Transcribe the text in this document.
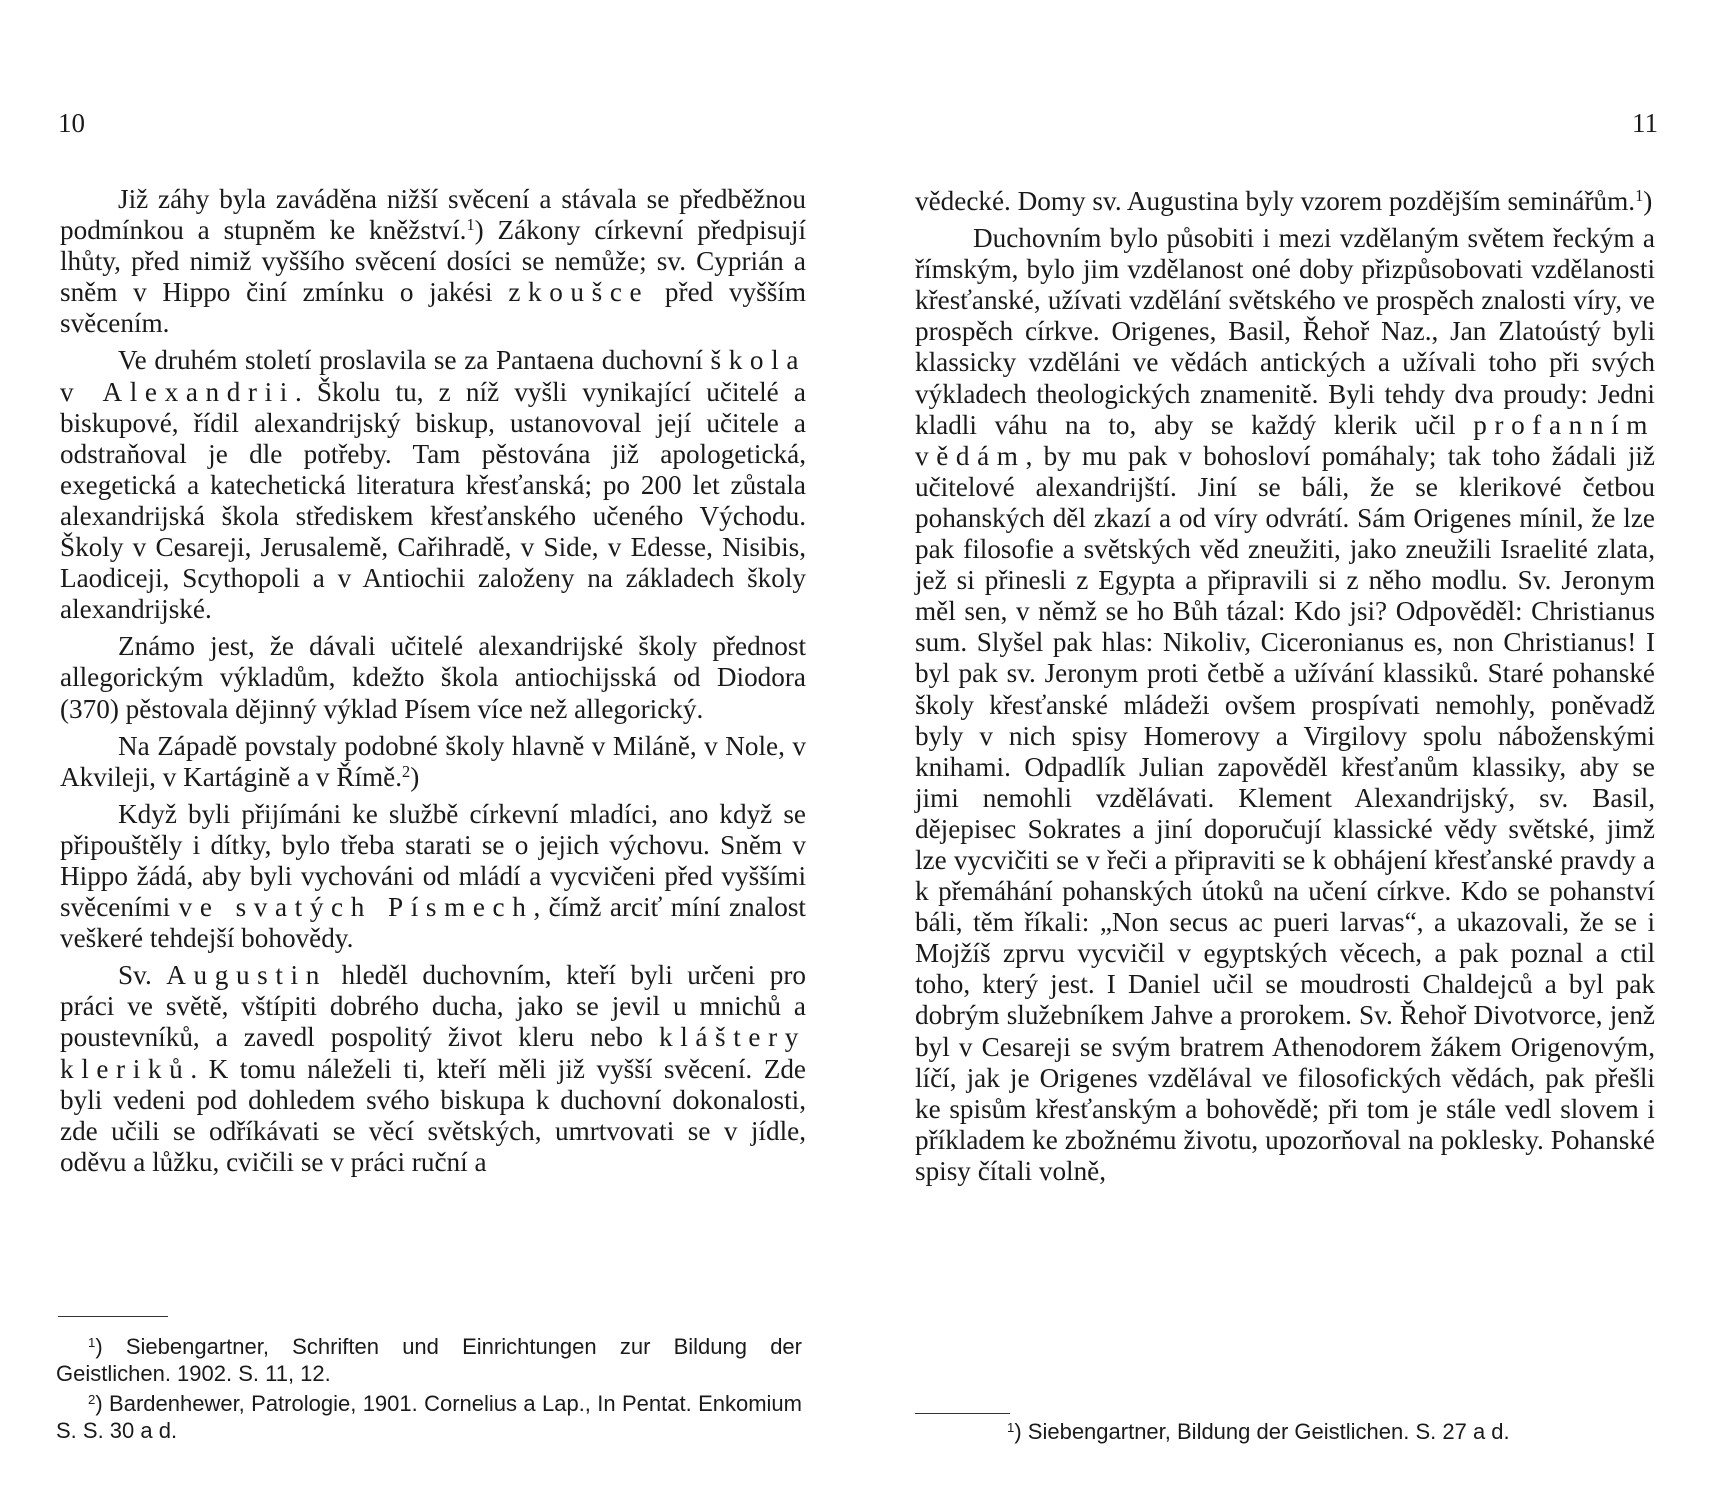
10

Již záhy byla zaváděna nižší svěcení a stávala se předběžnou podmínkou a stupněm ke kněžství.$^1$) Zákony církevní předpisují lhůty, před nimiž vyššího svěcení dosíci se nemůže; sv. Cyprián a sněm v Hippo činí zmínku o jakési zkoušce před vyšším svěcením.

Ve druhém století proslavila se za Pantaena duchovní škola v Alexandrii. Školu tu, z níž vyšli vynikající učitelé a biskupové, řídil alexandrijský biskup, ustanovoval její učitele a odstraňoval je dle potřeby. Tam pěstována již apologetická, exegetická a katechetická literatura křesťanská; po 200 let zůstala alexandrijská škola střediskem křesťanského učeného Východu. Školy v Cesareji, Jerusalemě, Cařihradě, v Side, v Edesse, Nisibis, Laodiceji, Scythopoli a v Antiochii založeny na základech školy alexandrijské.

Známo jest, že dávali učitelé alexandrijské školy přednost allegorickým výkladům, kdežto škola antiochijsská od Diodora (370) pěstovala dějinný výklad Písem více než allegorický.

Na Západě povstaly podobné školy hlavně v Miláně, v Nole, v Akvileji, v Kartágině a v Římě.$^2$)

Když byli přijímáni ke službě církevní mladíci, ano když se připouštěly i dítky, bylo třeba starati se o jejich výchovu. Sněm v Hippo žádá, aby byli vychováni od mládí a vycvičeni před vyššími svěceními ve svatých Písmech, čímž arciť míní znalost veškeré tehdejší bohovědy.

Sv. Augustin hleděl duchovním, kteří byli určeni pro práci ve světě, vštípiti dobrého ducha, jako se jevil u mnichů a poustevníků, a zavedl pospolitý život kleru nebo kláštery kleriků. K tomu náleželi ti, kteří měli již vyšší svěcení. Zde byli vedeni pod dohledem svého biskupa k duchovní dokonalosti, zde učili se odříkávati se věcí světských, umrtvovati se v jídle, oděvu a lůžku, cvičili se v práci ruční a

$^1$) Siebengartner, Schriften und Einrichtungen zur Bildung der Geistlichen. 1902. S. 11, 12.

$^2$) Bardenhewer, Patrologie, 1901. Cornelius a Lap., In Pentat. Enkomium S. S. 30 a d.

11

vědecké. Domy sv. Augustina byly vzorem pozdějším seminářům.$^1$)

Duchovním bylo působiti i mezi vzdělaným světem řeckým a římským, bylo jim vzdělanost oné doby přizpůsobovati vzdělanosti křesťanské, užívati vzdělání světského ve prospěch znalosti víry, ve prospěch církve. Origenes, Basil, Řehoř Naz., Jan Zlatoústý byli klassicky vzděláni ve vědách antických a užívali toho při svých výkladech theologických znamenitě. Byli tehdy dva proudy: Jedni kladli váhu na to, aby se každý klerik učil profanním vědám, by mu pak v bohosloví pomáhaly; tak toho žádali již učitelové alexandrijští. Jiní se báli, že se klerikové četbou pohanských děl zkazí a od víry odvrátí. Sám Origenes mínil, že lze pak filosofie a světských věd zneužiti, jako zneužili Israelité zlata, jež si přinesli z Egypta a připravili si z něho modlu. Sv. Jeronym měl sen, v němž se ho Bůh tázal: Kdo jsi? Odpověděl: Christianus sum. Slyšel pak hlas: Nikoliv, Ciceronianus es, non Christianus! I byl pak sv. Jeronym proti četbě a užívání klassiků. Staré pohanské školy křesťanské mládeži ovšem prospívati nemohly, poněvadž byly v nich spisy Homerovy a Virgilovy spolu náboženskými knihami. Odpadlík Julian zapověděl křesťanům klassiky, aby se jimi nemohli vzdělávati. Klement Alexandrijský, sv. Basil, dějepisec Sokrates a jiní doporučují klassické vědy světské, jimž lze vycvičiti se v řeči a připraviti se k obhájení křesťanské pravdy a k přemáhání pohanských útoků na učení církve. Kdo se pohanství báli, těm říkali: „Non secus ac pueri larvas“, a ukazovali, že se i Mojžíš zprvu vycvičil v egyptských věcech, a pak poznal a ctil toho, který jest. I Daniel učil se moudrosti Chaldejců a byl pak dobrým služebníkem Jahve a prorokem. Sv. Řehoř Divotvorce, jenž byl v Cesareji se svým bratrem Athenodorem žákem Origenovým, líčí, jak je Origenes vzdělával ve filosofických vědách, pak přešli ke spisům křesťanským a bohovědě; při tom je stále vedl slovem i příkladem ke zbožnému životu, upozorňoval na poklesky. Pohanské spisy čítali volně,

$^1$) Siebengartner, Bildung der Geistlichen. S. 27 a d.
